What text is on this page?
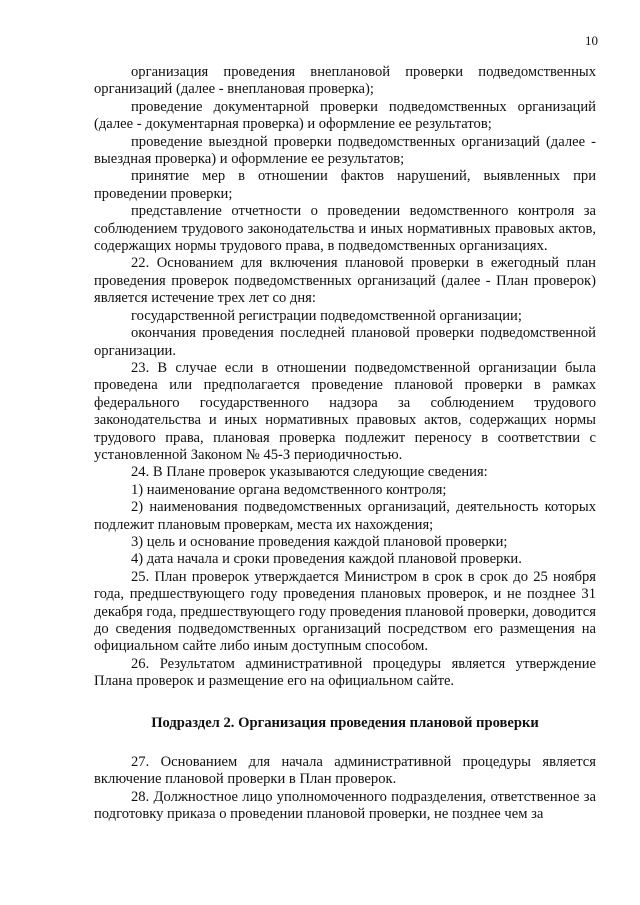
10

организация проведения внеплановой проверки подведомственных организаций (далее - внеплановая проверка);

проведение документарной проверки подведомственных организаций (далее - документарная проверка) и оформление ее результатов;

проведение выездной проверки подведомственных организаций (далее - выездная проверка) и оформление ее результатов;

принятие мер в отношении фактов нарушений, выявленных при проведении проверки;

представление отчетности о проведении ведомственного контроля за соблюдением трудового законодательства и иных нормативных правовых актов, содержащих нормы трудового права, в подведомственных организациях.

22. Основанием для включения плановой проверки в ежегодный план проведения проверок подведомственных организаций (далее - План проверок) является истечение трех лет со дня:

государственной регистрации подведомственной организации;

окончания проведения последней плановой проверки подведомственной организации.

23. В случае если в отношении подведомственной организации была проведена или предполагается проведение плановой проверки в рамках федерального государственного надзора за соблюдением трудового законодательства и иных нормативных правовых актов, содержащих нормы трудового права, плановая проверка подлежит переносу в соответствии с установленной Законом № 45-З периодичностью.

24. В Плане проверок указываются следующие сведения:

1) наименование органа ведомственного контроля;

2) наименования подведомственных организаций, деятельность которых подлежит плановым проверкам, места их нахождения;

3) цель и основание проведения каждой плановой проверки;

4) дата начала и сроки проведения каждой плановой проверки.

25. План проверок утверждается Министром в срок в срок до 25 ноября года, предшествующего году проведения плановых проверок, и не позднее 31 декабря года, предшествующего году проведения плановой проверки, доводится до сведения подведомственных организаций посредством его размещения на официальном сайте либо иным доступным способом.

26. Результатом административной процедуры является утверждение Плана проверок и размещение его на официальном сайте.

Подраздел 2. Организация проведения плановой проверки

27. Основанием для начала административной процедуры является включение плановой проверки в План проверок.

28. Должностное лицо уполномоченного подразделения, ответственное за подготовку приказа о проведении плановой проверки, не позднее чем за
